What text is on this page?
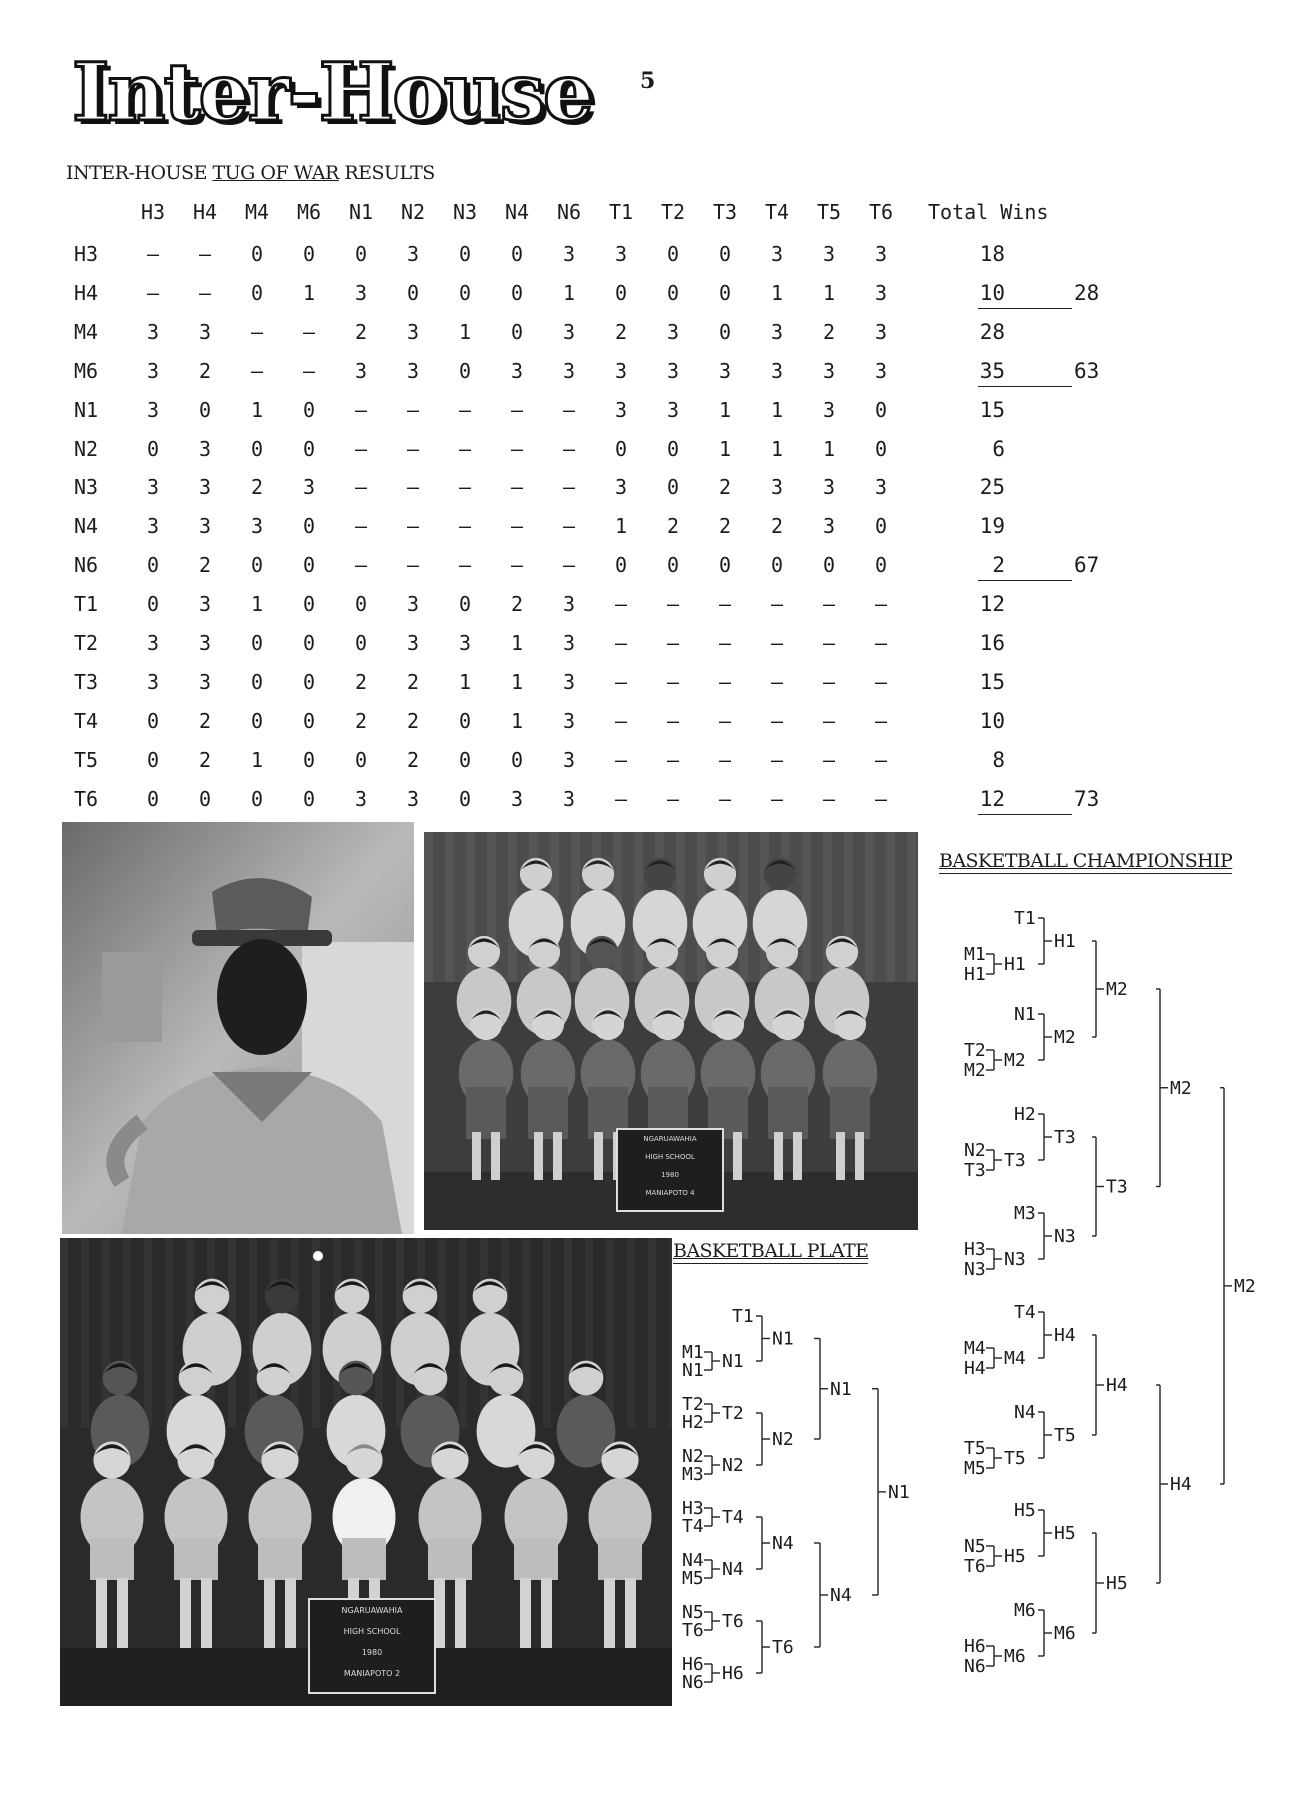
Inter-House 5
INTER-HOUSE TUG OF WAR RESULTS
H3	H4	M4	M6	N1	N2	N3	N4	N6	T1	T2	T3	T4	T5	T6	Total Wins
H3	–	–	0	0	0	3	0	0	3	3	0	0	3	3	3	18
H4	–	–	0	1	3	0	0	0	1	0	0	0	1	1	3	10	28
M4	3	3	–	–	2	3	1	0	3	2	3	0	3	2	3	28
M6	3	2	–	–	3	3	0	3	3	3	3	3	3	3	3	35	63
N1	3	0	1	0	–	–	–	–	–	3	3	1	1	3	0	15
N2	0	3	0	0	–	–	–	–	–	0	0	1	1	1	0	6
N3	3	3	2	3	–	–	–	–	–	3	0	2	3	3	3	25
N4	3	3	3	0	–	–	–	–	–	1	2	2	2	3	0	19
N6	0	2	0	0	–	–	–	–	–	0	0	0	0	0	0	2	67
T1	0	3	1	0	0	3	0	2	3	–	–	–	–	–	–	12
T2	3	3	0	0	0	3	3	1	3	–	–	–	–	–	–	16
T3	3	3	0	0	2	2	1	1	3	–	–	–	–	–	–	15
T4	0	2	0	0	2	2	0	1	3	–	–	–	–	–	–	10
T5	0	2	1	0	0	2	0	0	3	–	–	–	–	–	–	8
T6	0	0	0	0	3	3	0	3	3	–	–	–	–	–	–	12	73
NGARUAWAHIA
HIGH SCHOOL
1980
MANIAPOTO 4
NGARUAWAHIA
HIGH SCHOOL
1980
MANIAPOTO 2
BASKETBALL CHAMPIONSHIP
BASKETBALL PLATE
T1
M1
H1 H1
H1
N1
T2
M2 M2
M2
H2
N2
T3 T3
T3
M3
H3
N3 N3
N3
T4
M4
H4 M4
H4
N4
T5
M5 T5
T5
H5
N5
T6 H5
H5
M6
H6
N6 M6
M6
M2
T3
H4
H5
M2
H4
M2
T1
M1
N1 N1
T2
H2 T2
N2
M3 N2
H3
T4 T4
N4
M5 N4
N5
T6 T6
H6
N6 H6
N1
N2
N4
T6
N1
N4
N1
